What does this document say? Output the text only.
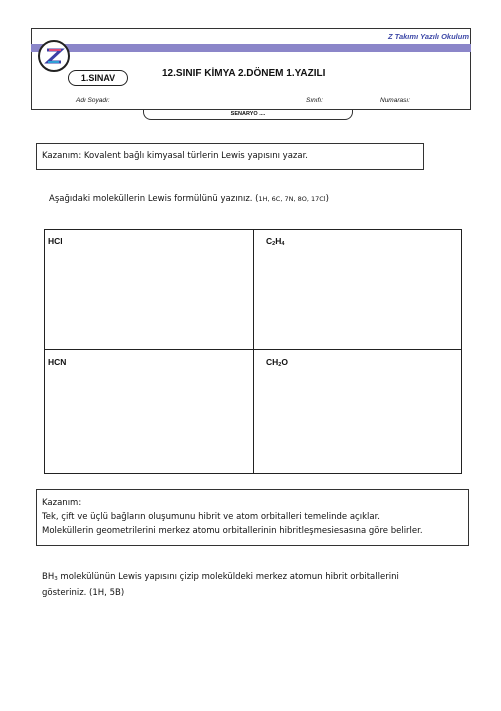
Z Takımı Yazılı Okulum
1.SINAV	12.SINIF KİMYA 2.DÖNEM 1.YAZILI
Adı Soyadı:	Sınıfı:	Numarası:
SENARYO ....
Kazanım: Kovalent bağlı kimyasal türlerin Lewis yapısını yazar.
Aşağıdaki moleküllerin Lewis formülünü yazınız. (1H, 6C, 7N, 8O, 17Cl)
HCl	$C_2H_4$
HCN	$CH_2O$
Kazanım:
Tek, çift ve üçlü bağların oluşumunu hibrit ve atom orbitalleri temelinde açıklar.
Moleküllerin geometrilerini merkez atomu orbitallerinin hibritleşmesiesasına göre belirler.
$BH_3$ molekülünün Lewis yapısını çizip moleküldeki merkez atomun hibrit orbitallerini
gösteriniz. (1H, 5B)
